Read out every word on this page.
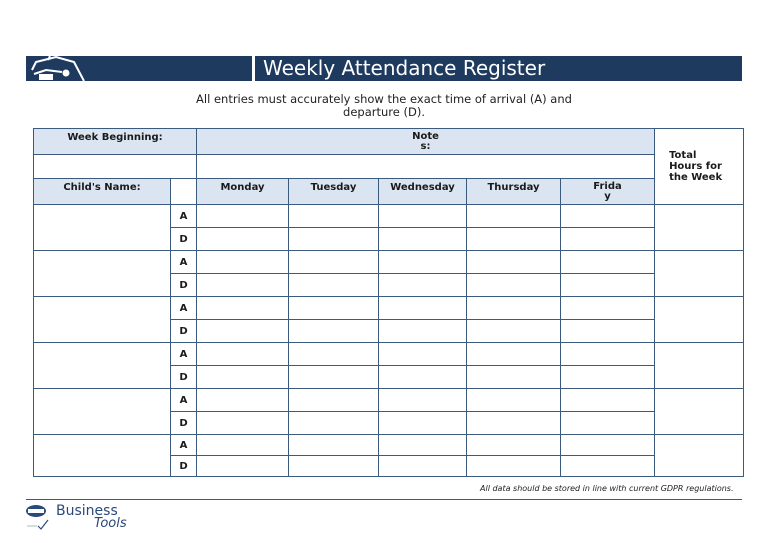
Weekly Attendance Register
All entries must accurately show the exact time of arrival (A) and departure (D).
Week Beginning:		Notes:					Total Hours for the Week

Child's Name:		Monday	Tuesday	Wednesday	Thursday	Friday	
	A						
	D						
	A						
	D						
	A						
	D						
	A						
	D						
	A						
	D						
	A						
	D						
All data should be stored in line with current GDPR regulations.
Business
Tools
